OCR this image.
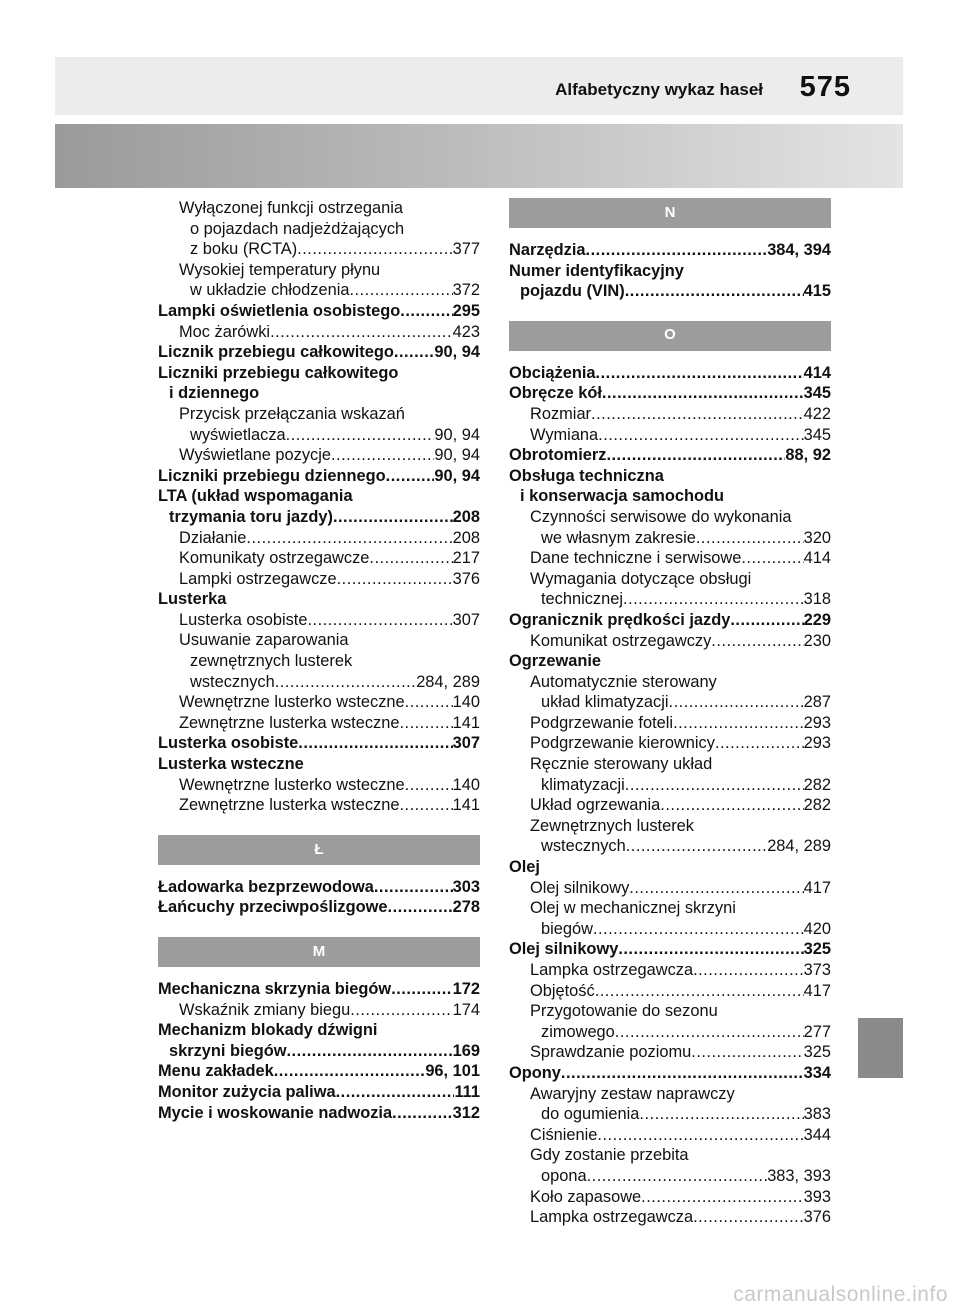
Alfabetyczny wykaz haseł 575
Wyłączonej funkcji ostrzegania
o pojazdach nadjeżdżających
z boku (RCTA) .....	377
Wysokiej temperatury płynu
w układzie chłodzenia .....	372
Lampki oświetlenia osobistego .....	295
Moc żarówki .....	423
Licznik przebiegu całkowitego ..... 90, 94
Liczniki przebiegu całkowitego
i dziennego
Przycisk przełączania wskazań
wyświetlacza .....	90, 94
Wyświetlane pozycje .....	90, 94
Liczniki przebiegu dziennego .....	90, 94
LTA (układ wspomagania
trzymania toru jazdy) .....	208
Działanie .....	208
Komunikaty ostrzegawcze .....	217
Lampki ostrzegawcze .....	376
Lusterka
Lusterka osobiste .....	307
Usuwanie zaparowania
zewnętrznych lusterek
wstecznych .....	284, 289
Wewnętrzne lusterko wsteczne .....	140
Zewnętrzne lusterka wsteczne .....	141
Lusterka osobiste .....	307
Lusterka wsteczne
Wewnętrzne lusterko wsteczne .....	140
Zewnętrzne lusterka wsteczne .....	141
Ł
Ładowarka bezprzewodowa .....	303
Łańcuchy przeciwpoślizgowe .....	278
M
Mechaniczna skrzynia biegów .....	172
Wskaźnik zmiany biegu .....	174
Mechanizm blokady dźwigni
skrzyni biegów .....	169
Menu zakładek .....	96, 101
Monitor zużycia paliwa .....	111
Mycie i woskowanie nadwozia .....	312
N
Narzędzia .....	384, 394
Numer identyfikacyjny
pojazdu (VIN) .....	415
O
Obciążenia .....	414
Obręcze kół .....	345
Rozmiar .....	422
Wymiana .....	345
Obrotomierz .....	88, 92
Obsługa techniczna
i konserwacja samochodu
Czynności serwisowe do wykonania
we własnym zakresie .....	320
Dane techniczne i serwisowe .....	414
Wymagania dotyczące obsługi
technicznej .....	318
Ogranicznik prędkości jazdy .....	229
Komunikat ostrzegawczy .....	230
Ogrzewanie
Automatycznie sterowany
układ klimatyzacji .....	287
Podgrzewanie foteli .....	293
Podgrzewanie kierownicy .....	293
Ręcznie sterowany układ
klimatyzacji .....	282
Układ ogrzewania .....	282
Zewnętrznych lusterek
wstecznych .....	284, 289
Olej
Olej silnikowy .....	417
Olej w mechanicznej skrzyni
biegów .....	420
Olej silnikowy .....	325
Lampka ostrzegawcza .....	373
Objętość .....	417
Przygotowanie do sezonu
zimowego .....	277
Sprawdzanie poziomu .....	325
Opony .....	334
Awaryjny zestaw naprawczy
do ogumienia .....	383
Ciśnienie .....	344
Gdy zostanie przebita
opona .....	383, 393
Koło zapasowe .....	393
Lampka ostrzegawcza .....	376
carmanualsonline.info
